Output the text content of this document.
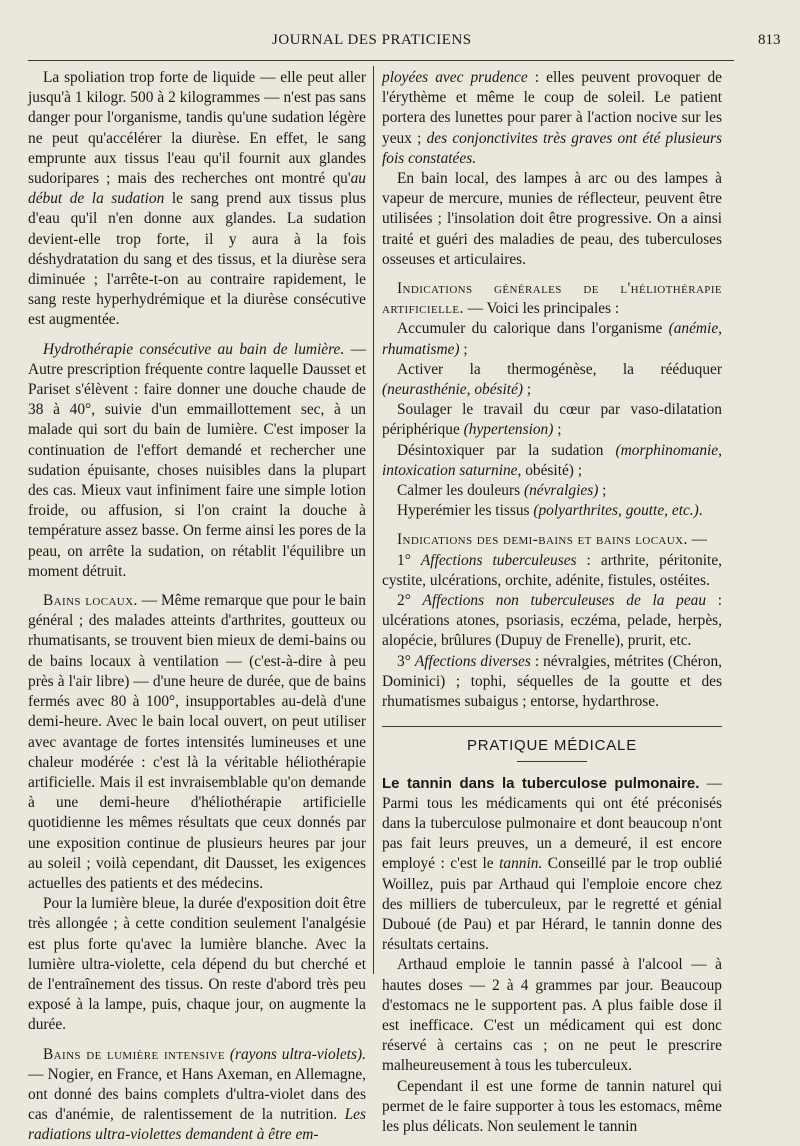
JOURNAL DES PRATICIENS	813

La spoliation trop forte de liquide — elle peut aller jusqu'à 1 kilogr. 500 à 2 kilogrammes — n'est pas sans danger pour l'organisme, tandis qu'une sudation légère ne peut qu'accélérer la diurèse. En effet, le sang emprunte aux tissus l'eau qu'il fournit aux glandes sudoripares ; mais des recherches ont montré qu'au début de la sudation le sang prend aux tissus plus d'eau qu'il n'en donne aux glandes. La sudation devient-elle trop forte, il y aura à la fois déshydratation du sang et des tissus, et la diurèse sera diminuée ; l'arrête-t-on au contraire rapidement, le sang reste hyperhydrémique et la diurèse consécutive est augmentée.

Hydrothérapie consécutive au bain de lumière. — Autre prescription fréquente contre laquelle Dausset et Pariset s'élèvent : faire donner une douche chaude de 38 à 40°, suivie d'un emmaillottement sec, à un malade qui sort du bain de lumière. C'est imposer la continuation de l'effort demandé et rechercher une sudation épuisante, choses nuisibles dans la plupart des cas. Mieux vaut infiniment faire une simple lotion froide, ou affusion, si l'on craint la douche à température assez basse. On ferme ainsi les pores de la peau, on arrête la sudation, on rétablit l'équilibre un moment détruit.

Bains locaux. — Même remarque que pour le bain général ; des malades atteints d'arthrites, goutteux ou rhumatisants, se trouvent bien mieux de demi-bains ou de bains locaux à ventilation — (c'est-à-dire à peu près à l'air libre) — d'une heure de durée, que de bains fermés avec 80 à 100°, insupportables au-delà d'une demi-heure. Avec le bain local ouvert, on peut utiliser avec avantage de fortes intensités lumineuses et une chaleur modérée : c'est là la véritable héliothérapie artificielle. Mais il est invraisemblable qu'on demande à une demi-heure d'héliothérapie artificielle quotidienne les mêmes résultats que ceux donnés par une exposition continue de plusieurs heures par jour au soleil ; voilà cependant, dit Dausset, les exigences actuelles des patients et des médecins.

Pour la lumière bleue, la durée d'exposition doit être très allongée ; à cette condition seulement l'analgésie est plus forte qu'avec la lumière blanche. Avec la lumière ultra-violette, cela dépend du but cherché et de l'entraînement des tissus. On reste d'abord très peu exposé à la lampe, puis, chaque jour, on augmente la durée.

Bains de lumière intensive (rayons ultra-violets). — Nogier, en France, et Hans Axeman, en Allemagne, ont donné des bains complets d'ultra-violet dans des cas d'anémie, de ralentissement de la nutrition. Les radiations ultra-violettes demandent à être em-

ployées avec prudence : elles peuvent provoquer de l'érythème et même le coup de soleil. Le patient portera des lunettes pour parer à l'action nocive sur les yeux ; des conjonctivites très graves ont été plusieurs fois constatées.

En bain local, des lampes à arc ou des lampes à vapeur de mercure, munies de réflecteur, peuvent être utilisées ; l'insolation doit être progressive. On a ainsi traité et guéri des maladies de peau, des tuberculoses osseuses et articulaires.

Indications générales de l'héliothérapie artificielle. — Voici les principales :

Accumuler du calorique dans l'organisme (anémie, rhumatisme) ;

Activer la thermogénèse, la rééduquer (neurasthénie, obésité) ;

Soulager le travail du cœur par vaso-dilatation périphérique (hypertension) ;

Désintoxiquer par la sudation (morphinomanie, intoxication saturnine, obésité) ;

Calmer les douleurs (névralgies) ;

Hyperémier les tissus (polyarthrites, goutte, etc.).

Indications des demi-bains et bains locaux. —

1° Affections tuberculeuses : arthrite, péritonite, cystite, ulcérations, orchite, adénite, fistules, ostéites.

2° Affections non tuberculeuses de la peau : ulcérations atones, psoriasis, eczéma, pelade, herpès, alopécie, brûlures (Dupuy de Frenelle), prurit, etc.

3° Affections diverses : névralgies, métrites (Chéron, Dominici) ; tophi, séquelles de la goutte et des rhumatismes subaigus ; entorse, hydarthrose.

PRATIQUE MÉDICALE

Le tannin dans la tuberculose pulmonaire. — Parmi tous les médicaments qui ont été préconisés dans la tuberculose pulmonaire et dont beaucoup n'ont pas fait leurs preuves, un a demeuré, il est encore employé : c'est le tannin. Conseillé par le trop oublié Woillez, puis par Arthaud qui l'emploie encore chez des milliers de tuberculeux, par le regretté et génial Duboué (de Pau) et par Hérard, le tannin donne des résultats certains.

Arthaud emploie le tannin passé à l'alcool — à hautes doses — 2 à 4 grammes par jour. Beaucoup d'estomacs ne le supportent pas. A plus faible dose il est inefficace. C'est un médicament qui est donc réservé à certains cas ; on ne peut le prescrire malheureusement à tous les tuberculeux.

Cependant il est une forme de tannin naturel qui permet de le faire supporter à tous les estomacs, même les plus délicats. Non seulement le tannin
